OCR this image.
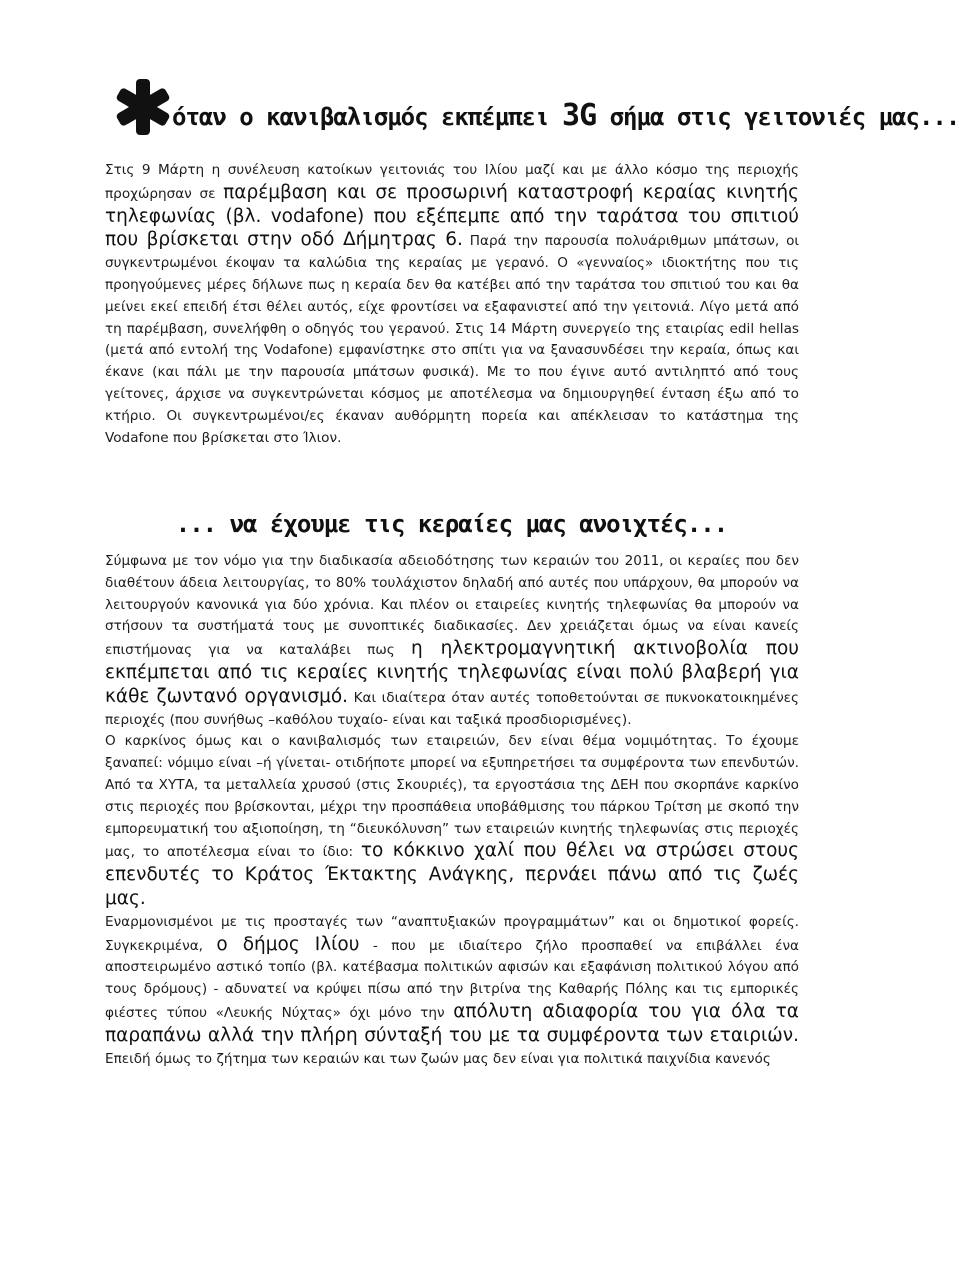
όταν ο κανιβαλισμός εκπέμπει 3G σήμα στις γειτονιές μας...

Στις 9 Μάρτη η συνέλευση κατοίκων γειτονιάς του Ιλίου μαζί και με άλλο κόσμο της περιοχής προχώρησαν σε παρέμβαση και σε προσωρινή καταστροφή κεραίας κινητής τηλεφωνίας (βλ. vodafone) που εξέπεμπε από την ταράτσα του σπιτιού που βρίσκεται στην οδό Δήμητρας 6. Παρά την παρουσία πολυάριθμων μπάτσων, οι συγκεντρωμένοι έκοψαν τα καλώδια της κεραίας με γερανό. Ο «γενναίος» ιδιοκτήτης που τις προηγούμενες μέρες δήλωνε πως η κεραία δεν θα κατέβει από την ταράτσα του σπιτιού του και θα μείνει εκεί επειδή έτσι θέλει αυτός, είχε φροντίσει να εξαφανιστεί από την γειτονιά. Λίγο μετά από τη παρέμβαση, συνελήφθη ο οδηγός του γερανού. Στις 14 Μάρτη συνεργείο της εταιρίας edil hellas (μετά από εντολή της Vodafone) εμφανίστηκε στο σπίτι για να ξανασυνδέσει την κεραία, όπως και έκανε (και πάλι με την παρουσία μπάτσων φυσικά). Με το που έγινε αυτό αντιληπτό από τους γείτονες, άρχισε να συγκεντρώνεται κόσμος με αποτέλεσμα να δημιουργηθεί ένταση έξω από το κτήριο. Οι συγκεντρωμένοι/ες έκαναν αυθόρμητη πορεία και απέκλεισαν το κατάστημα της Vodafone που βρίσκεται στο Ίλιον.

... να έχουμε τις κεραίες μας ανοιχτές...

Σύμφωνα με τον νόμο για την διαδικασία αδειοδότησης των κεραιών του 2011, οι κεραίες που δεν διαθέτουν άδεια λειτουργίας, το 80% τουλάχιστον δηλαδή από αυτές που υπάρχουν, θα μπορούν να λειτουργούν κανονικά για δύο χρόνια. Και πλέον οι εταιρείες κινητής τηλεφωνίας θα μπορούν να στήσουν τα συστήματά τους με συνοπτικές διαδικασίες. Δεν χρειάζεται όμως να είναι κανείς επιστήμονας για να καταλάβει πως η ηλεκτρομαγνητική ακτινοβολία που εκπέμπεται από τις κεραίες κινητής τηλεφωνίας είναι πολύ βλαβερή για κάθε ζωντανό οργανισμό. Και ιδιαίτερα όταν αυτές τοποθετούνται σε πυκνοκατοικημένες περιοχές (που συνήθως –καθόλου τυχαίο- είναι και ταξικά προσδιορισμένες).

Ο καρκίνος όμως και ο κανιβαλισμός των εταιρειών, δεν είναι θέμα νομιμότητας. Το έχουμε ξαναπεί: νόμιμο είναι –ή γίνεται- οτιδήποτε μπορεί να εξυπηρετήσει τα συμφέροντα των επενδυτών. Από τα ΧΥΤΑ, τα μεταλλεία χρυσού (στις Σκουριές), τα εργοστάσια της ΔΕΗ που σκορπάνε καρκίνο στις περιοχές που βρίσκονται, μέχρι την προσπάθεια υποβάθμισης του πάρκου Τρίτση με σκοπό την εμπορευματική του αξιοποίηση, τη “διευκόλυνση” των εταιρειών κινητής τηλεφωνίας στις περιοχές μας, το αποτέλεσμα είναι το ίδιο: το κόκκινο χαλί που θέλει να στρώσει στους επενδυτές το Κράτος Έκτακτης Ανάγκης, περνάει πάνω από τις ζωές μας.

Εναρμονισμένοι με τις προσταγές των “αναπτυξιακών προγραμμάτων” και οι δημοτικοί φορείς. Συγκεκριμένα, ο δήμος Ιλίου - που με ιδιαίτερο ζήλο προσπαθεί να επιβάλλει ένα αποστειρωμένο αστικό τοπίο (βλ. κατέβασμα πολιτικών αφισών και εξαφάνιση πολιτικού λόγου από τους δρόμους) - αδυνατεί να κρύψει πίσω από την βιτρίνα της Καθαρής Πόλης και τις εμπορικές φιέστες τύπου «Λευκής Νύχτας» όχι μόνο την απόλυτη αδιαφορία του για όλα τα παραπάνω αλλά την πλήρη σύνταξή του με τα συμφέροντα των εταιριών. Επειδή όμως το ζήτημα των κεραιών και των ζωών μας δεν είναι για πολιτικά παιχνίδια κανενός
